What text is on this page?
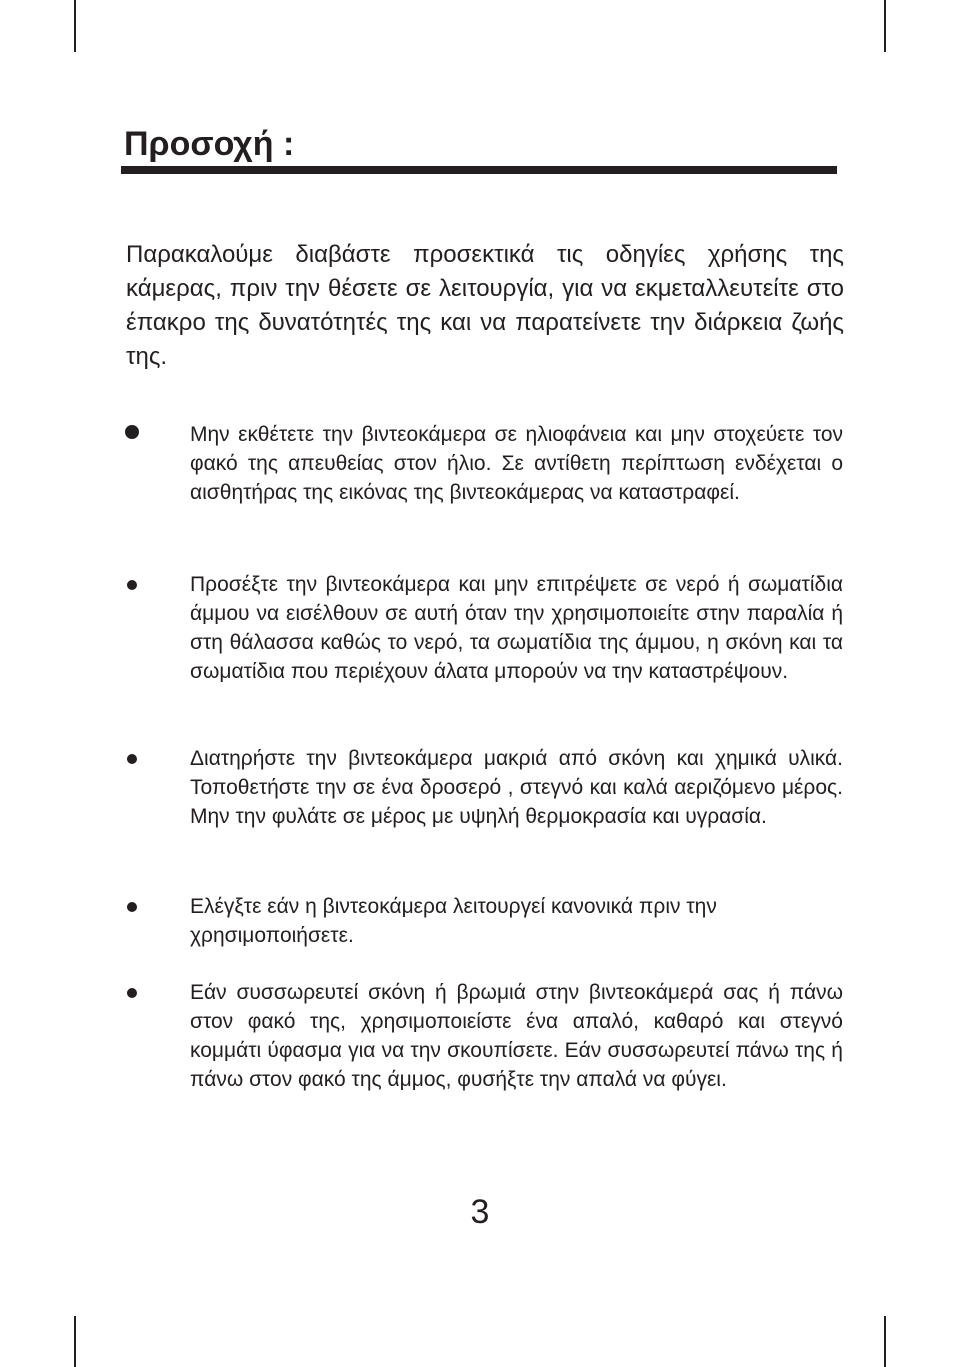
Προσοχή :

Παρακαλούμε διαβάστε προσεκτικά τις οδηγίες χρήσης της κάμερας, πριν την θέσετε σε λειτουργία, για να εκμεταλλευτείτε στο έπακρο της δυνατότητές της και να παρατείνετε την διάρκεια ζωής της.

Μην εκθέτετε την βιντεοκάμερα σε ηλιοφάνεια και μην στοχεύετε τον φακό της απευθείας στον ήλιο. Σε αντίθετη περίπτωση ενδέχεται ο αισθητήρας της εικόνας της βιντεοκάμερας να καταστραφεί.

Προσέξτε την βιντεοκάμερα και μην επιτρέψετε σε νερό ή σωματίδια άμμου να εισέλθουν σε αυτή όταν την χρησιμοποιείτε στην παραλία ή στη θάλασσα καθώς το νερό, τα σωματίδια της άμμου, η σκόνη και τα σωματίδια που περιέχουν άλατα μπορούν να την καταστρέψουν.

Διατηρήστε την βιντεοκάμερα μακριά από σκόνη και χημικά υλικά. Τοποθετήστε την σε ένα δροσερό , στεγνό και καλά αεριζόμενο μέρος. Μην την φυλάτε σε μέρος με υψηλή θερμοκρασία και υγρασία.

Ελέγξτε εάν η βιντεοκάμερα λειτουργεί κανονικά πριν την χρησιμοποιήσετε.

Εάν συσσωρευτεί σκόνη ή βρωμιά στην βιντεοκάμερά σας ή πάνω στον φακό της, χρησιμοποιείστε ένα απαλό, καθαρό και στεγνό κομμάτι ύφασμα για να την σκουπίσετε. Εάν συσσωρευτεί πάνω της ή πάνω στον φακό της άμμος, φυσήξτε την απαλά να φύγει.

3
